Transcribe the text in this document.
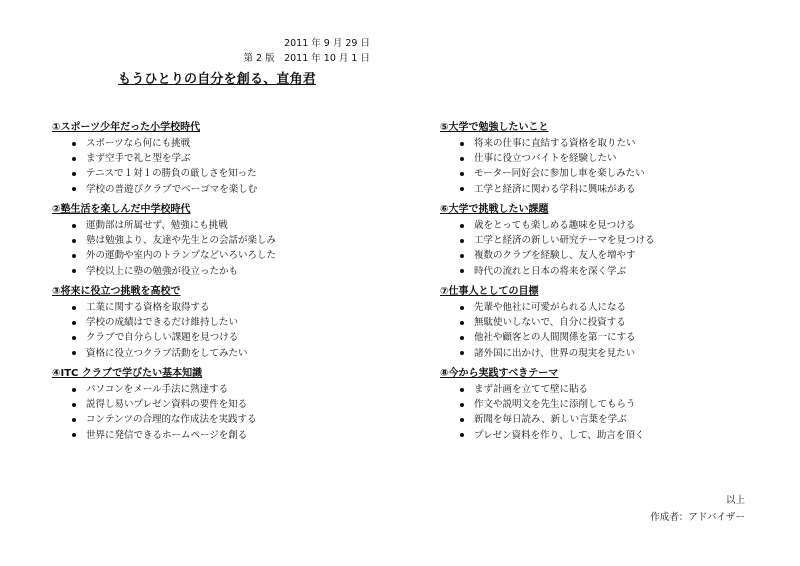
2011 年 9 月 29 日
第 2 版　2011 年 10 月 1 日
もうひとりの自分を創る、直角君
①スポーツ少年だった小学校時代
スポーツなら何にも挑戦
まず空手で礼と型を学ぶ
テニスで１対１の勝負の厳しさを知った
学校の普遊びクラブでベーゴマを楽しむ
②塾生活を楽しんだ中学校時代
運動部は所属せず、勉強にも挑戦
塾は勉強より、友達や先生との会話が楽しみ
外の運動や室内のトランプなどいろいろした
学校以上に塾の勉強が役立ったかも
③将来に役立つ挑戦を高校で
工業に関する資格を取得する
学校の成績はできるだけ維持したい
クラブで自分らしい課題を見つける
資格に役立つクラブ活動をしてみたい
④ITC クラブで学びたい基本知識
パソコンをメール手法に熟達する
説得し易いプレゼン資料の要件を知る
コンテンツの合理的な作成法を実践する
世界に発信できるホームページを創る
⑤大学で勉強したいこと
将来の仕事に直結する資格を取りたい
仕事に役立つバイトを経験したい
モーター同好会に参加し車を楽しみたい
工学と経済に関わる学科に興味がある
⑥大学で挑戦したい課題
歳をとっても楽しめる趣味を見つける
工学と経済の新しい研究テーマを見つける
複数のクラブを経験し、友人を増やす
時代の流れと日本の将来を深く学ぶ
⑦仕事人としての目標
先輩や他社に可愛がられる人になる
無駄使いしないで、自分に投資する
他社や顧客との人間関係を第一にする
諸外国に出かけ、世界の現実を見たい
⑧今から実践すべきテーマ
まず計画を立てて壁に貼る
作文や説明文を先生に添削してもらう
新聞を毎日読み、新しい言葉を学ぶ
プレゼン資料を作り、して、助言を頂く
以上
作成者：アドバイザー
